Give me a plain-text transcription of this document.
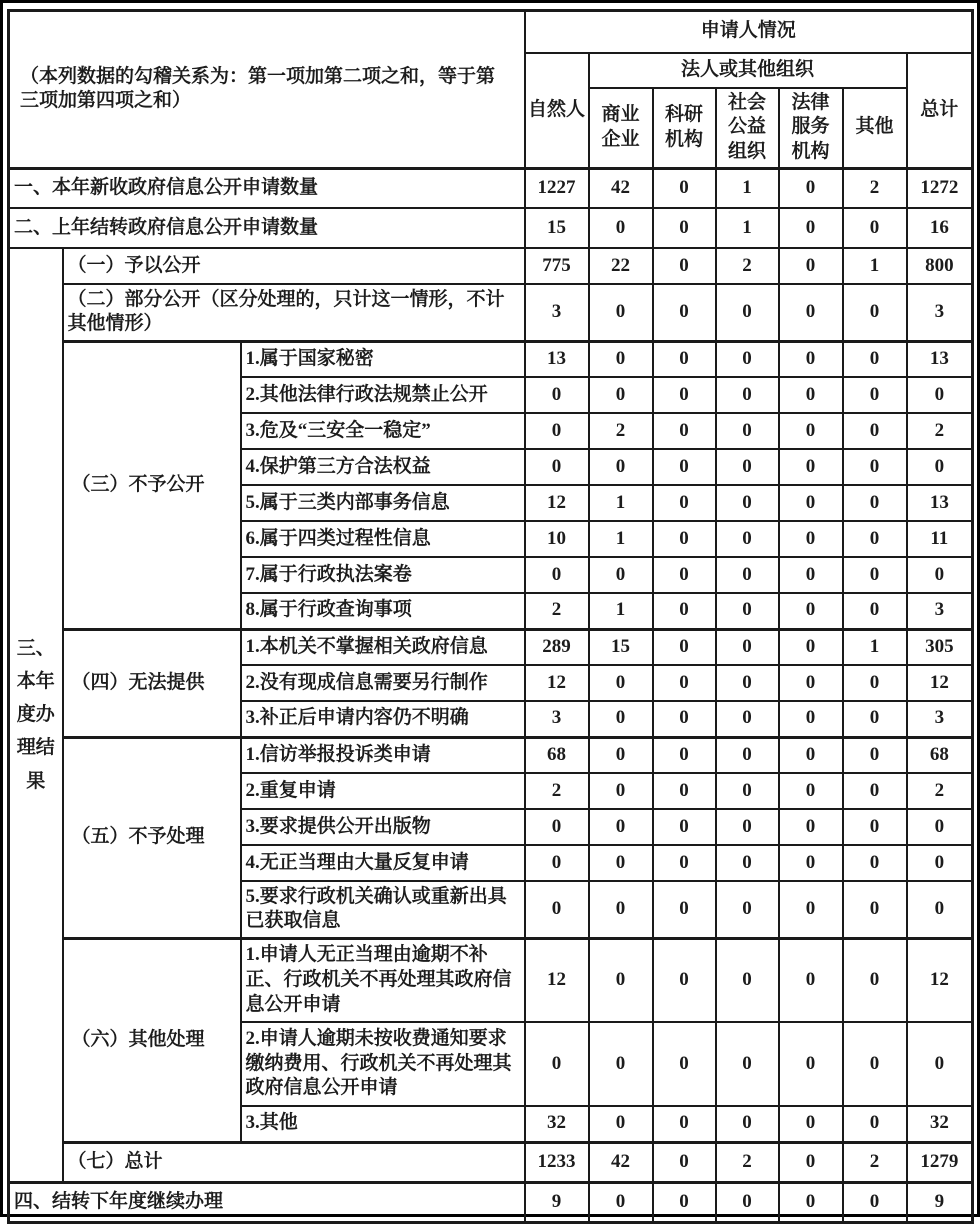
（本列数据的勾稽关系为：第一项加第二项之和，等于第三项加第四项之和）			申请人情况						
			自然人	法人或其他组织					总计
				商业企业	科研机构	社会公益组织	法律服务机构	其他	
一、本年新收政府信息公开申请数量			1227	42	0	1	0	2	1272
二、上年结转政府信息公开申请数量			15	0	0	1	0	0	16
三、本年度办理结果	（一）予以公开		775	22	0	2	0	1	800
	（二）部分公开（区分处理的，只计这一情形，不计其他情形）		3	0	0	0	0	0	3
	（三）不予公开	1.属于国家秘密	13	0	0	0	0	0	13
		2.其他法律行政法规禁止公开	0	0	0	0	0	0	0
		3.危及“三安全一稳定”	0	2	0	0	0	0	2
		4.保护第三方合法权益	0	0	0	0	0	0	0
		5.属于三类内部事务信息	12	1	0	0	0	0	13
		6.属于四类过程性信息	10	1	0	0	0	0	11
		7.属于行政执法案卷	0	0	0	0	0	0	0
		8.属于行政查询事项	2	1	0	0	0	0	3
	（四）无法提供	1.本机关不掌握相关政府信息	289	15	0	0	0	1	305
		2.没有现成信息需要另行制作	12	0	0	0	0	0	12
		3.补正后申请内容仍不明确	3	0	0	0	0	0	3
	（五）不予处理	1.信访举报投诉类申请	68	0	0	0	0	0	68
		2.重复申请	2	0	0	0	0	0	2
		3.要求提供公开出版物	0	0	0	0	0	0	0
		4.无正当理由大量反复申请	0	0	0	0	0	0	0
		5.要求行政机关确认或重新出具已获取信息	0	0	0	0	0	0	0
	（六）其他处理	1.申请人无正当理由逾期不补正、行政机关不再处理其政府信息公开申请	12	0	0	0	0	0	12
		2.申请人逾期未按收费通知要求缴纳费用、行政机关不再处理其政府信息公开申请	0	0	0	0	0	0	0
		3.其他	32	0	0	0	0	0	32
	（七）总计		1233	42	0	2	0	2	1279
四、结转下年度继续办理			9	0	0	0	0	0	9
